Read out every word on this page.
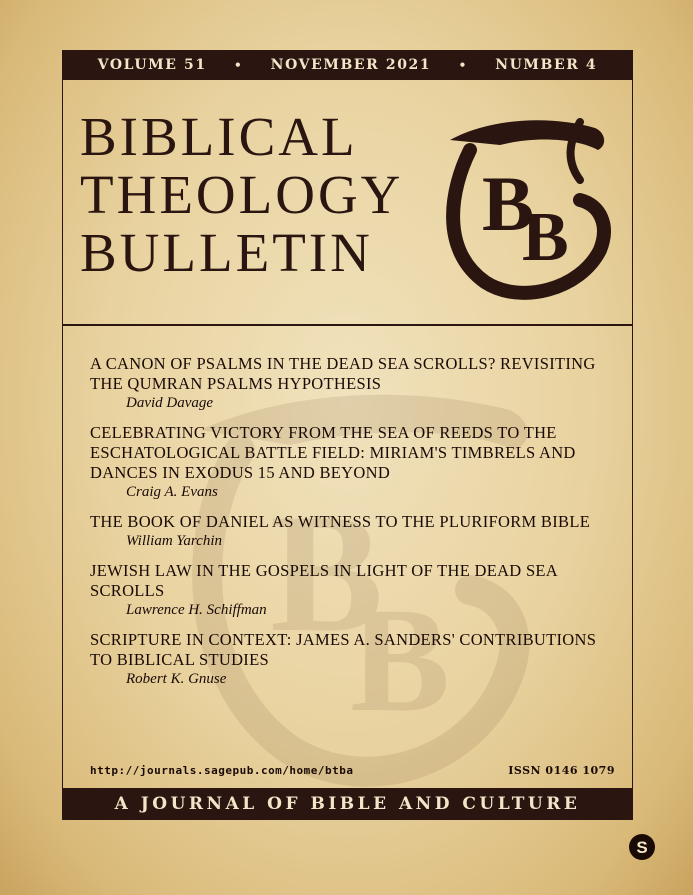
VOLUME 51 • NOVEMBER 2021 • NUMBER 4
BIBLICAL
THEOLOGY
BULLETIN
B
B
B
B
A CANON OF PSALMS IN THE DEAD SEA SCROLLS? REVISITING THE QUMRAN PSALMS HYPOTHESIS
David Davage
CELEBRATING VICTORY FROM THE SEA OF REEDS TO THE ESCHATOLOGICAL BATTLE FIELD: MIRIAM'S TIMBRELS AND DANCES IN EXODUS 15 AND BEYOND
Craig A. Evans
THE BOOK OF DANIEL AS WITNESS TO THE PLURIFORM BIBLE
William Yarchin
JEWISH LAW IN THE GOSPELS IN LIGHT OF THE DEAD SEA SCROLLS
Lawrence H. Schiffman
SCRIPTURE IN CONTEXT: JAMES A. SANDERS' CONTRIBUTIONS TO BIBLICAL STUDIES
Robert K. Gnuse
http://journals.sagepub.com/home/btba	ISSN 0146 1079
A JOURNAL OF BIBLE AND CULTURE
S
